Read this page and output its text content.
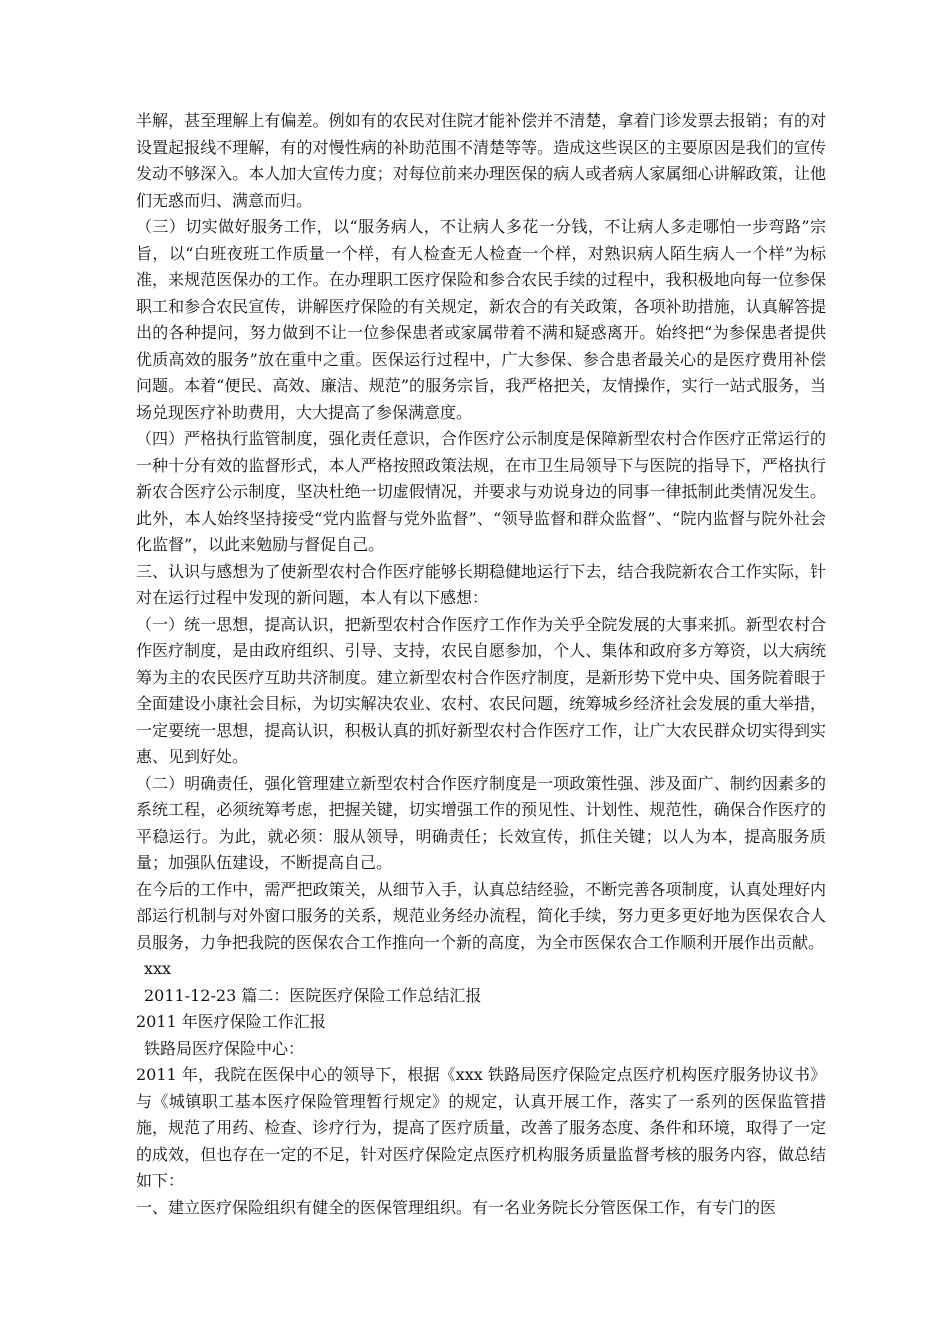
半解，甚至理解上有偏差。例如有的农民对住院才能补偿并不清楚，拿着门诊发票去报销；有的对设置起报线不理解，有的对慢性病的补助范围不清楚等等。造成这些误区的主要原因是我们的宣传发动不够深入。本人加大宣传力度；对每位前来办理医保的病人或者病人家属细心讲解政策，让他们无惑而归、满意而归。

（三）切实做好服务工作，以“服务病人，不让病人多花一分钱，不让病人多走哪怕一步弯路”宗旨，以“白班夜班工作质量一个样，有人检查无人检查一个样，对熟识病人陌生病人一个样”为标准，来规范医保办的工作。在办理职工医疗保险和参合农民手续的过程中，我积极地向每一位参保职工和参合农民宣传，讲解医疗保险的有关规定，新农合的有关政策，各项补助措施，认真解答提出的各种提问，努力做到不让一位参保患者或家属带着不满和疑惑离开。始终把“为参保患者提供优质高效的服务”放在重中之重。医保运行过程中，广大参保、参合患者最关心的是医疗费用补偿问题。本着“便民、高效、廉洁、规范”的服务宗旨，我严格把关，友情操作，实行一站式服务，当场兑现医疗补助费用，大大提高了参保满意度。

（四）严格执行监管制度，强化责任意识，合作医疗公示制度是保障新型农村合作医疗正常运行的一种十分有效的监督形式，本人严格按照政策法规，在市卫生局领导下与医院的指导下，严格执行新农合医疗公示制度，坚决杜绝一切虚假情况，并要求与劝说身边的同事一律抵制此类情况发生。此外，本人始终坚持接受“党内监督与党外监督”、“领导监督和群众监督”、“院内监督与院外社会化监督”，以此来勉励与督促自己。

三、认识与感想为了使新型农村合作医疗能够长期稳健地运行下去，结合我院新农合工作实际，针对在运行过程中发现的新问题，本人有以下感想：

（一）统一思想，提高认识，把新型农村合作医疗工作作为关乎全院发展的大事来抓。新型农村合作医疗制度，是由政府组织、引导、支持，农民自愿参加，个人、集体和政府多方筹资，以大病统筹为主的农民医疗互助共济制度。建立新型农村合作医疗制度，是新形势下党中央、国务院着眼于全面建设小康社会目标，为切实解决农业、农村、农民问题，统筹城乡经济社会发展的重大举措，一定要统一思想，提高认识，积极认真的抓好新型农村合作医疗工作，让广大农民群众切实得到实惠、见到好处。

（二）明确责任，强化管理建立新型农村合作医疗制度是一项政策性强、涉及面广、制约因素多的系统工程，必须统筹考虑，把握关键，切实增强工作的预见性、计划性、规范性，确保合作医疗的平稳运行。为此，就必须：服从领导，明确责任；长效宣传，抓住关键；以人为本，提高服务质量；加强队伍建设，不断提高自己。

在今后的工作中，需严把政策关，从细节入手，认真总结经验，不断完善各项制度，认真处理好内部运行机制与对外窗口服务的关系，规范业务经办流程，简化手续，努力更多更好地为医保农合人员服务，力争把我院的医保农合工作推向一个新的高度，为全市医保农合工作顺利开展作出贡献。

xxx

2011-12-23 篇二：医院医疗保险工作总结汇报

2011 年医疗保险工作汇报

铁路局医疗保险中心：

2011 年，我院在医保中心的领导下，根据《xxx 铁路局医疗保险定点医疗机构医疗服务协议书》与《城镇职工基本医疗保险管理暂行规定》的规定，认真开展工作，落实了一系列的医保监管措施，规范了用药、检查、诊疗行为，提高了医疗质量，改善了服务态度、条件和环境，取得了一定的成效，但也存在一定的不足，针对医疗保险定点医疗机构服务质量监督考核的服务内容，做总结如下：

一、建立医疗保险组织有健全的医保管理组织。有一名业务院长分管医保工作，有专门的医
